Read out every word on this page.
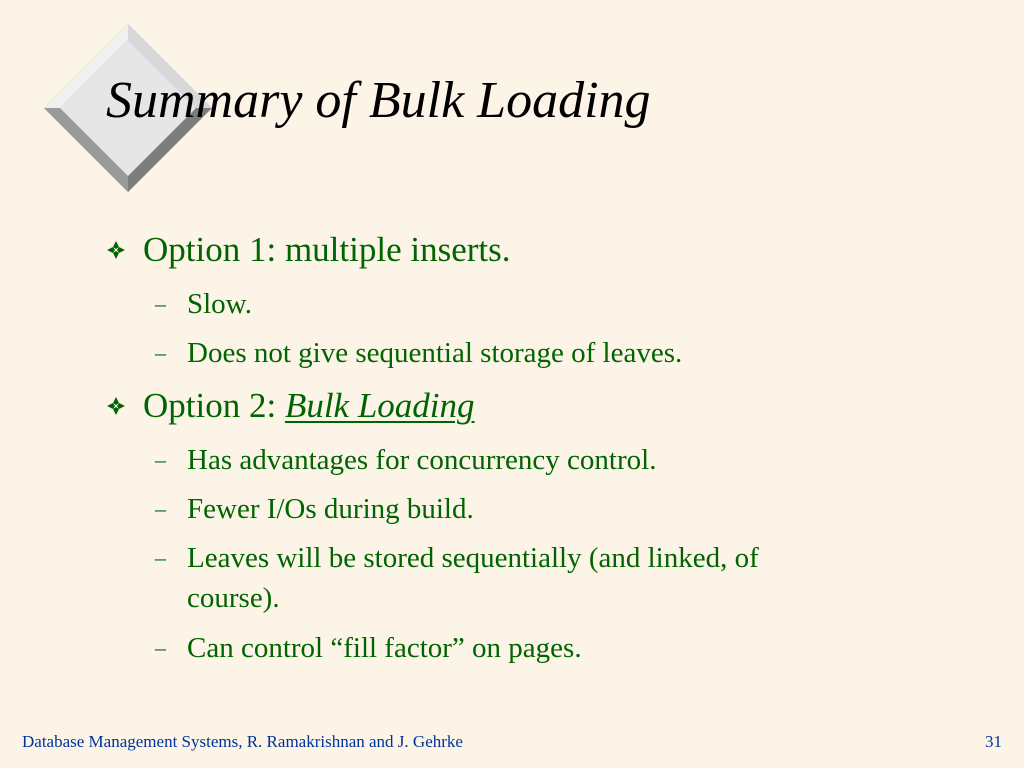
Summary of Bulk Loading
Option 1: multiple inserts.
– Slow.
– Does not give sequential storage of leaves.
Option 2: Bulk Loading
– Has advantages for concurrency control.
– Fewer I/Os during build.
– Leaves will be stored sequentially (and linked, of
course).
– Can control “fill factor” on pages.
Database Management Systems, R. Ramakrishnan and J. Gehrke	31
